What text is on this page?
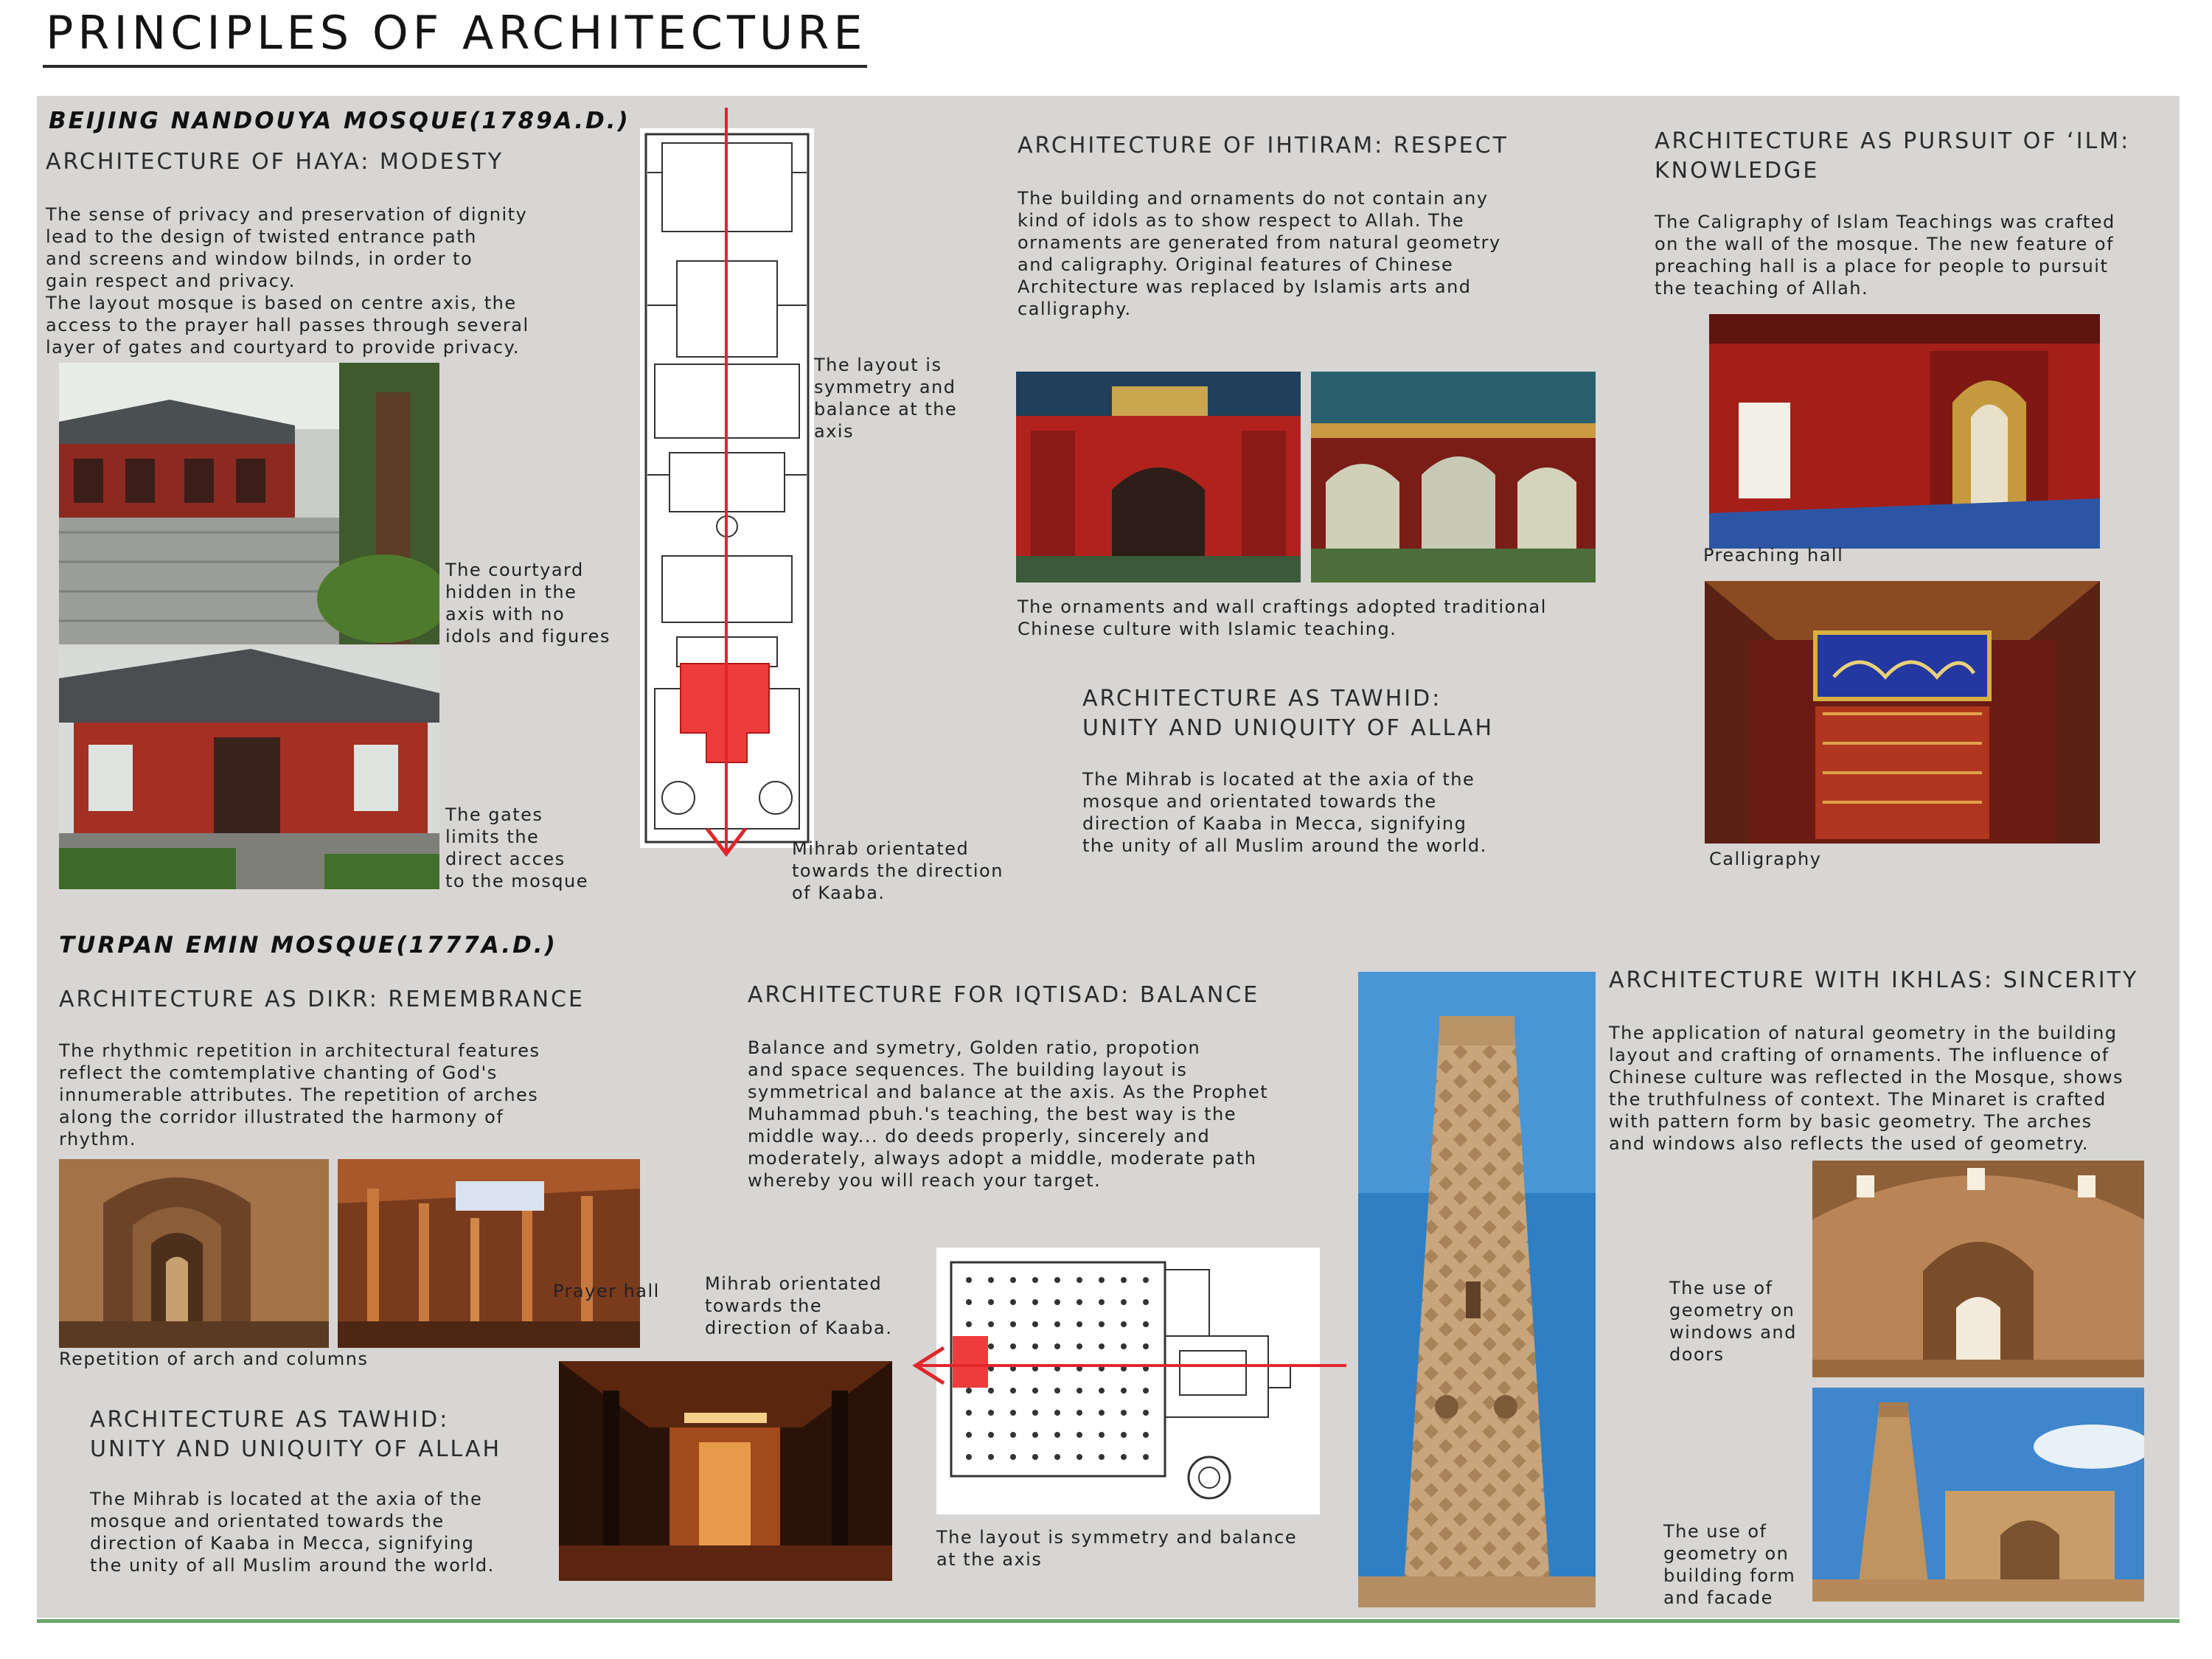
PRINCIPLES OF ARCHITECTURE
BEIJING NANDOUYA MOSQUE(1789A.D.)
ARCHITECTURE OF HAYA: MODESTY
The sense of privacy and preservation of dignity
lead to the design of twisted entrance path
and screens and window bilnds, in order to
gain respect and privacy.
The layout mosque is based on centre axis, the
access to the prayer hall passes through several
layer of gates and courtyard to provide privacy.
The courtyard
hidden in the
axis with no
idols and figures
The gates
limits the
direct acces
to the mosque
The layout is
symmetry and
balance at the
axis
Mihrab orientated
towards the direction
of Kaaba.
ARCHITECTURE OF IHTIRAM: RESPECT
The building and ornaments do not contain any
kind of idols as to show respect to Allah. The
ornaments are generated from natural geometry
and caligraphy. Original features of Chinese
Architecture was replaced by Islamis arts and
calligraphy.
The ornaments and wall craftings adopted traditional
Chinese culture with Islamic teaching.
ARCHITECTURE AS TAWHID:
UNITY AND UNIQUITY OF ALLAH
The Mihrab is located at the axia of the
mosque and orientated towards the
direction of Kaaba in Mecca, signifying
the unity of all Muslim around the world.
ARCHITECTURE AS PURSUIT OF ‘ILM:
KNOWLEDGE
The Caligraphy of Islam Teachings was crafted
on the wall of the mosque. The new feature of
preaching hall is a place for people to pursuit
the teaching of Allah.
Preaching hall
Calligraphy
TURPAN EMIN MOSQUE(1777A.D.)
ARCHITECTURE AS DIKR: REMEMBRANCE
The rhythmic repetition in architectural features
reflect the comtemplative chanting of God's
innumerable attributes. The repetition of arches
along the corridor illustrated the harmony of
rhythm.
Prayer hall
Repetition of arch and columns
ARCHITECTURE FOR IQTISAD: BALANCE
Balance and symetry, Golden ratio, propotion
and space sequences. The building layout is
symmetrical and balance at the axis. As the Prophet
Muhammad pbuh.'s teaching, the best way is the
middle way... do deeds properly, sincerely and
moderately, always adopt a middle, moderate path
whereby you will reach your target.
Mihrab orientated
towards the
direction of Kaaba.
The layout is symmetry and balance
at the axis
ARCHITECTURE AS TAWHID:
UNITY AND UNIQUITY OF ALLAH
The Mihrab is located at the axia of the
mosque and orientated towards the
direction of Kaaba in Mecca, signifying
the unity of all Muslim around the world.
ARCHITECTURE WITH IKHLAS: SINCERITY
The application of natural geometry in the building
layout and crafting of ornaments. The influence of
Chinese culture was reflected in the Mosque, shows
the truthfulness of context. The Minaret is crafted
with pattern form by basic geometry. The arches
and windows also reflects the used of geometry.
The use of
geometry on
windows and
doors
The use of
geometry on
building form
and facade
